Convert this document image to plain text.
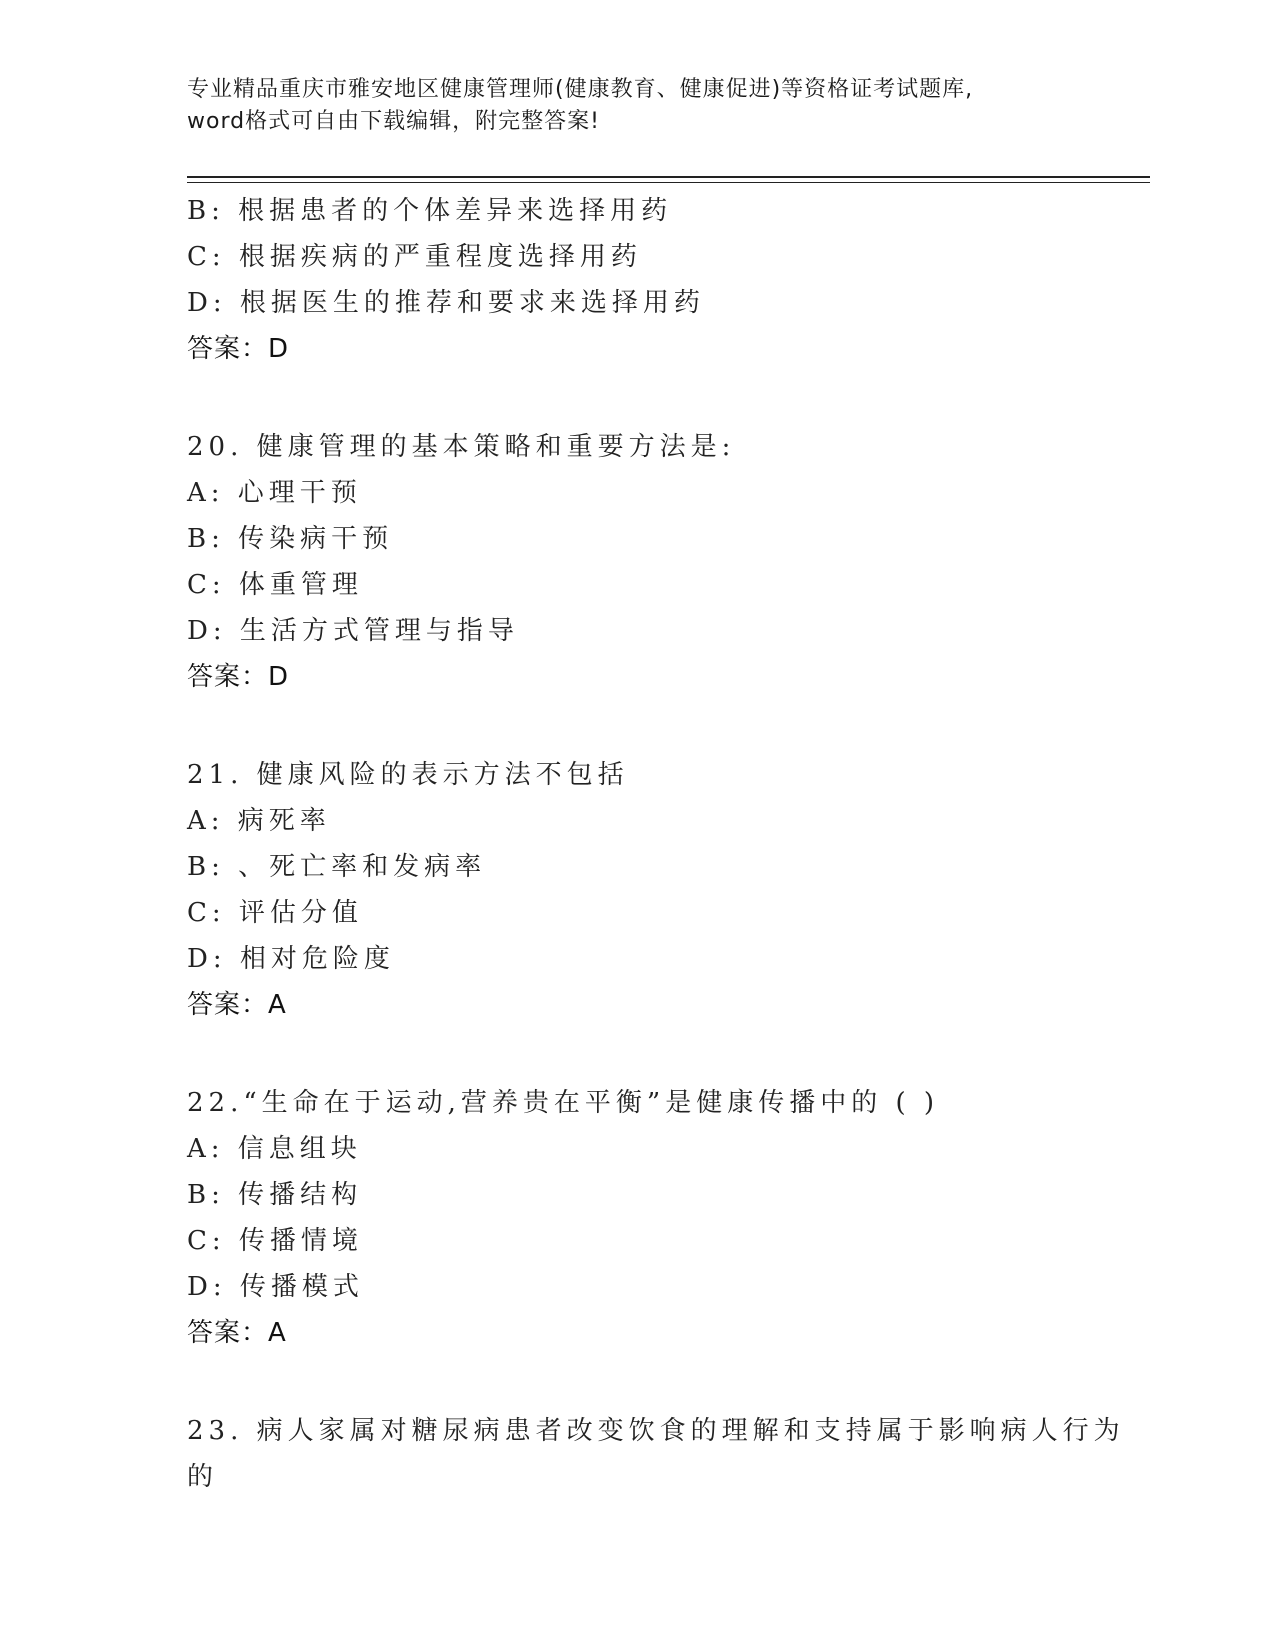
专业精品重庆市雅安地区健康管理师(健康教育、健康促进)等资格证考试题库,
word格式可自由下载编辑，附完整答案!
B: 根据患者的个体差异来选择用药
C: 根据疾病的严重程度选择用药
D: 根据医生的推荐和要求来选择用药
答案：D
20. 健康管理的基本策略和重要方法是:
A: 心理干预
B: 传染病干预
C: 体重管理
D: 生活方式管理与指导
答案：D
21. 健康风险的表示方法不包括
A: 病死率
B: 、死亡率和发病率
C: 评估分值
D: 相对危险度
答案：A
22.“生命在于运动,营养贵在平衡”是健康传播中的 ( )
A: 信息组块
B: 传播结构
C: 传播情境
D: 传播模式
答案：A
23. 病人家属对糖尿病患者改变饮食的理解和支持属于影响病人行为
的
